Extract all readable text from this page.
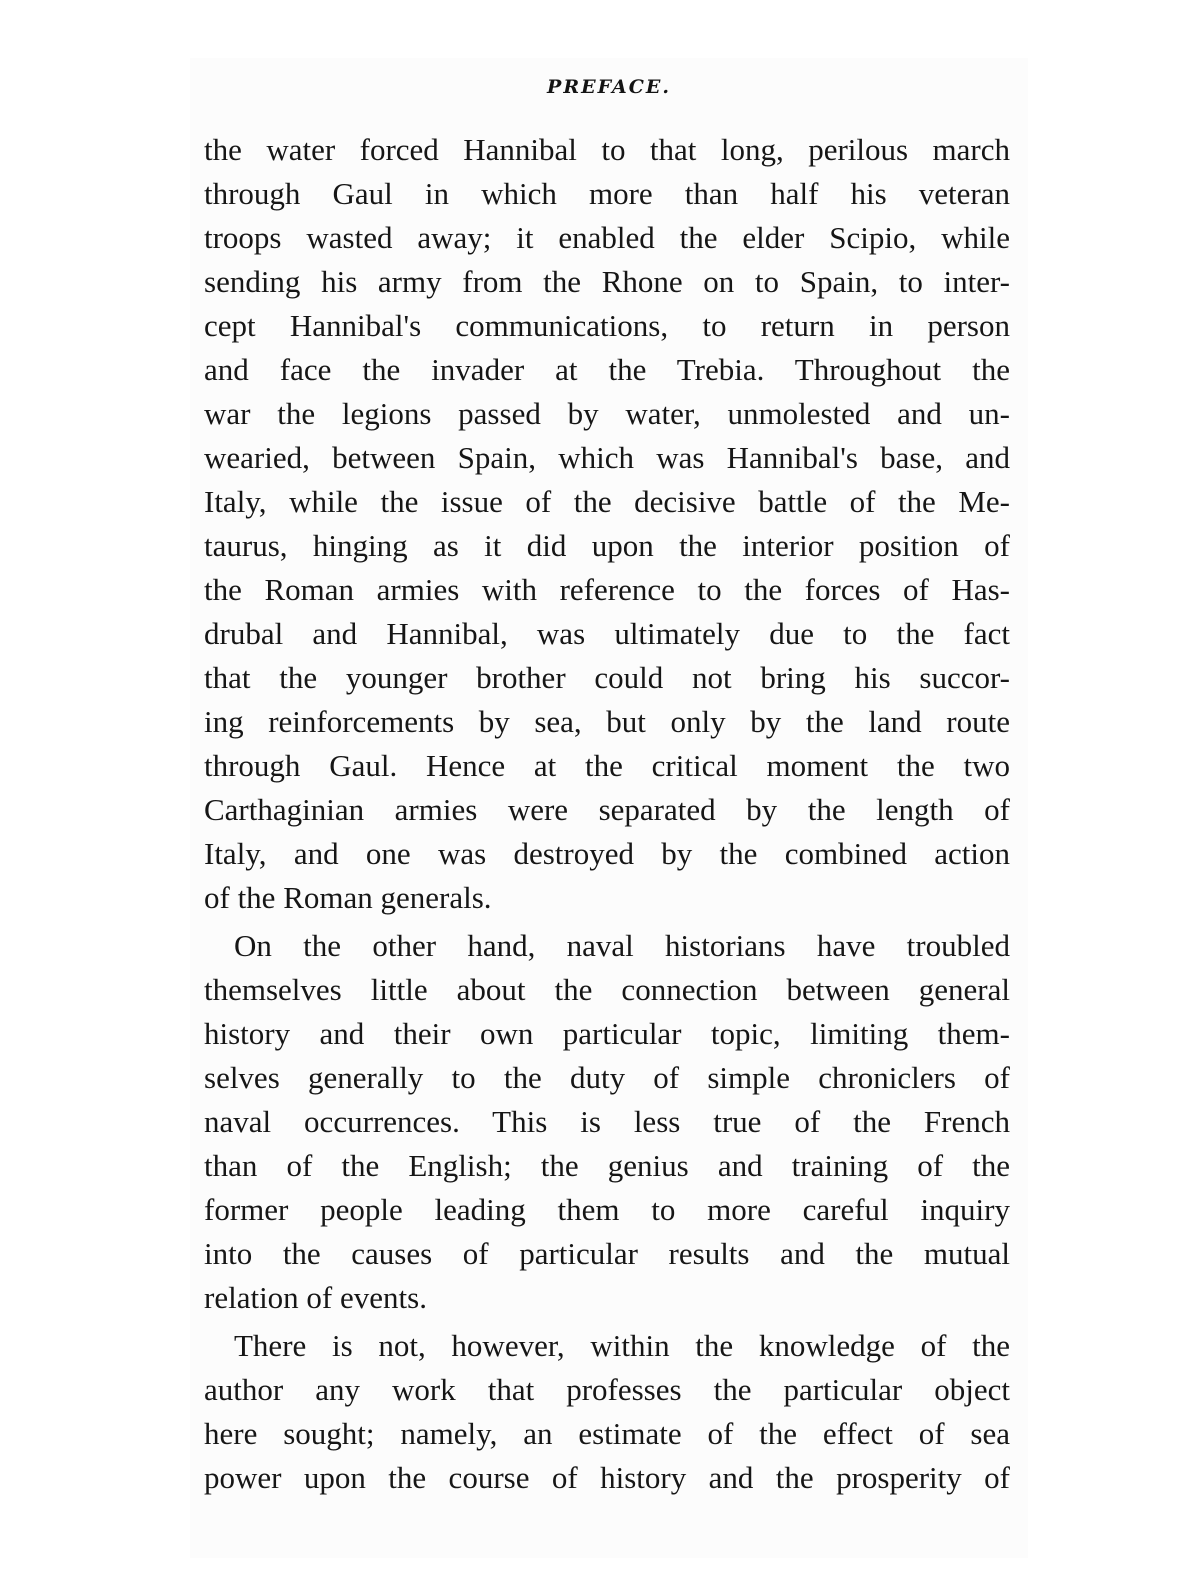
PREFACE.

the water forced Hannibal to that long, perilous march
through Gaul in which more than half his veteran
troops wasted away; it enabled the elder Scipio, while
sending his army from the Rhone on to Spain, to inter-
cept Hannibal's communications, to return in person
and face the invader at the Trebia. Throughout the
war the legions passed by water, unmolested and un-
wearied, between Spain, which was Hannibal's base, and
Italy, while the issue of the decisive battle of the Me-
taurus, hinging as it did upon the interior position of
the Roman armies with reference to the forces of Has-
drubal and Hannibal, was ultimately due to the fact
that the younger brother could not bring his succor-
ing reinforcements by sea, but only by the land route
through Gaul. Hence at the critical moment the two
Carthaginian armies were separated by the length of
Italy, and one was destroyed by the combined action
of the Roman generals.

On the other hand, naval historians have troubled
themselves little about the connection between general
history and their own particular topic, limiting them-
selves generally to the duty of simple chroniclers of
naval occurrences. This is less true of the French
than of the English; the genius and training of the
former people leading them to more careful inquiry
into the causes of particular results and the mutual
relation of events.

There is not, however, within the knowledge of the
author any work that professes the particular object
here sought; namely, an estimate of the effect of sea
power upon the course of history and the prosperity of
